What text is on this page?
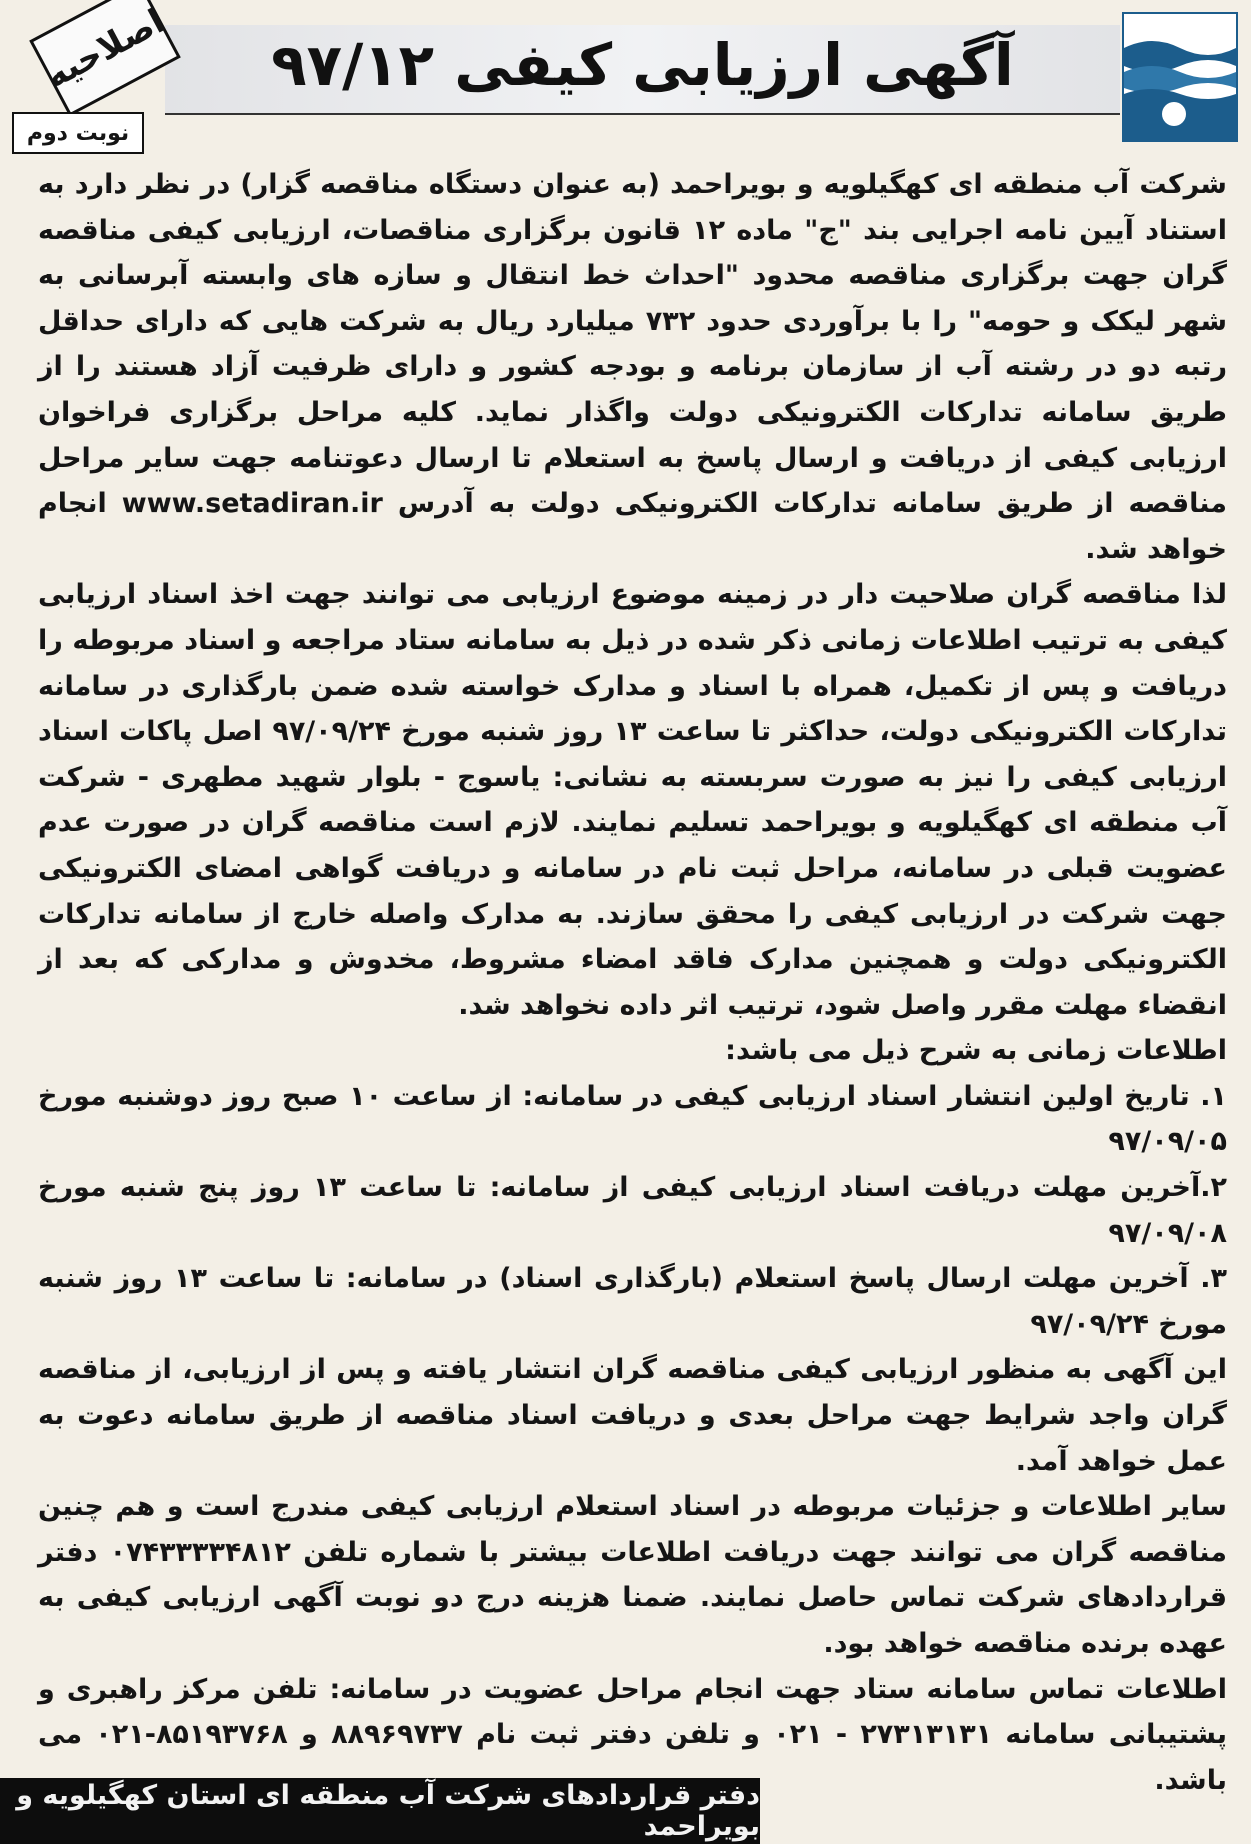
آگهی ارزیابی کیفی ۹۷/۱۲
اصلاحیه
نوبت دوم

شرکت آب منطقه ای کهگیلویه و بویراحمد (به عنوان دستگاه مناقصه گزار) در نظر دارد به استناد آیین نامه اجرایی بند "ج" ماده ۱۲ قانون برگزاری مناقصات، ارزیابی کیفی مناقصه گران جهت برگزاری مناقصه محدود "احداث خط انتقال و سازه های وابسته آبرسانی به شهر لیکک و حومه" را با برآوردی حدود ۷۳۲ میلیارد ریال به شرکت هایی که دارای حداقل رتبه دو در رشته آب از سازمان برنامه و بودجه کشور و دارای ظرفیت آزاد هستند را از طریق سامانه تدارکات الکترونیکی دولت واگذار نماید. کلیه مراحل برگزاری فراخوان ارزیابی کیفی از دریافت و ارسال پاسخ به استعلام تا ارسال دعوتنامه جهت سایر مراحل مناقصه از طریق سامانه تدارکات الکترونیکی دولت به آدرس www.setadiran.ir انجام خواهد شد.

لذا مناقصه گران صلاحیت دار در زمینه موضوع ارزیابی می توانند جهت اخذ اسناد ارزیابی کیفی به ترتیب اطلاعات زمانی ذکر شده در ذیل به سامانه ستاد مراجعه و اسناد مربوطه را دریافت و پس از تکمیل، همراه با اسناد و مدارک خواسته شده ضمن بارگذاری در سامانه تدارکات الکترونیکی دولت، حداکثر تا ساعت ۱۳ روز شنبه مورخ ۹۷/۰۹/۲۴ اصل پاکات اسناد ارزیابی کیفی را نیز به صورت سربسته به نشانی: یاسوج - بلوار شهید مطهری - شرکت آب منطقه ای کهگیلویه و بویراحمد تسلیم نمایند. لازم است مناقصه گران در صورت عدم عضویت قبلی در سامانه، مراحل ثبت نام در سامانه و دریافت گواهی امضای الکترونیکی جهت شرکت در ارزیابی کیفی را محقق سازند. به مدارک واصله خارج از سامانه تدارکات الکترونیکی دولت و همچنین مدارک فاقد امضاء مشروط، مخدوش و مدارکی که بعد از انقضاء مهلت مقرر واصل شود، ترتیب اثر داده نخواهد شد.

اطلاعات زمانی به شرح ذیل می باشد:

۱. تاریخ اولین انتشار اسناد ارزیابی کیفی در سامانه: از ساعت ۱۰ صبح روز دوشنبه مورخ ۹۷/۰۹/۰۵

۲.آخرین مهلت دریافت اسناد ارزیابی کیفی از سامانه: تا ساعت ۱۳ روز پنج شنبه مورخ ۹۷/۰۹/۰۸

۳. آخرین مهلت ارسال پاسخ استعلام (بارگذاری اسناد) در سامانه: تا ساعت ۱۳ روز شنبه مورخ ۹۷/۰۹/۲۴

این آگهی به منظور ارزیابی کیفی مناقصه گران انتشار یافته و پس از ارزیابی، از مناقصه گران واجد شرایط جهت مراحل بعدی و دریافت اسناد مناقصه از طریق سامانه دعوت به عمل خواهد آمد.

سایر اطلاعات و جزئیات مربوطه در اسناد استعلام ارزیابی کیفی مندرج است و هم چنین مناقصه گران می توانند جهت دریافت اطلاعات بیشتر با شماره تلفن ۰۷۴۳۳۳۳۴۸۱۲ دفتر قراردادهای شرکت تماس حاصل نمایند. ضمنا هزینه درج دو نوبت آگهی ارزیابی کیفی به عهده برنده مناقصه خواهد بود.

اطلاعات تماس سامانه ستاد جهت انجام مراحل عضویت در سامانه: تلفن مرکز راهبری و پشتیبانی سامانه ۲۷۳۱۳۱۳۱ - ۰۲۱ و تلفن دفتر ثبت نام ۸۸۹۶۹۷۳۷ و ۸۵۱۹۳۷۶۸-۰۲۱ می باشد.

دفتر قراردادهای شرکت آب منطقه ای استان کهگیلویه و بویراحمد
